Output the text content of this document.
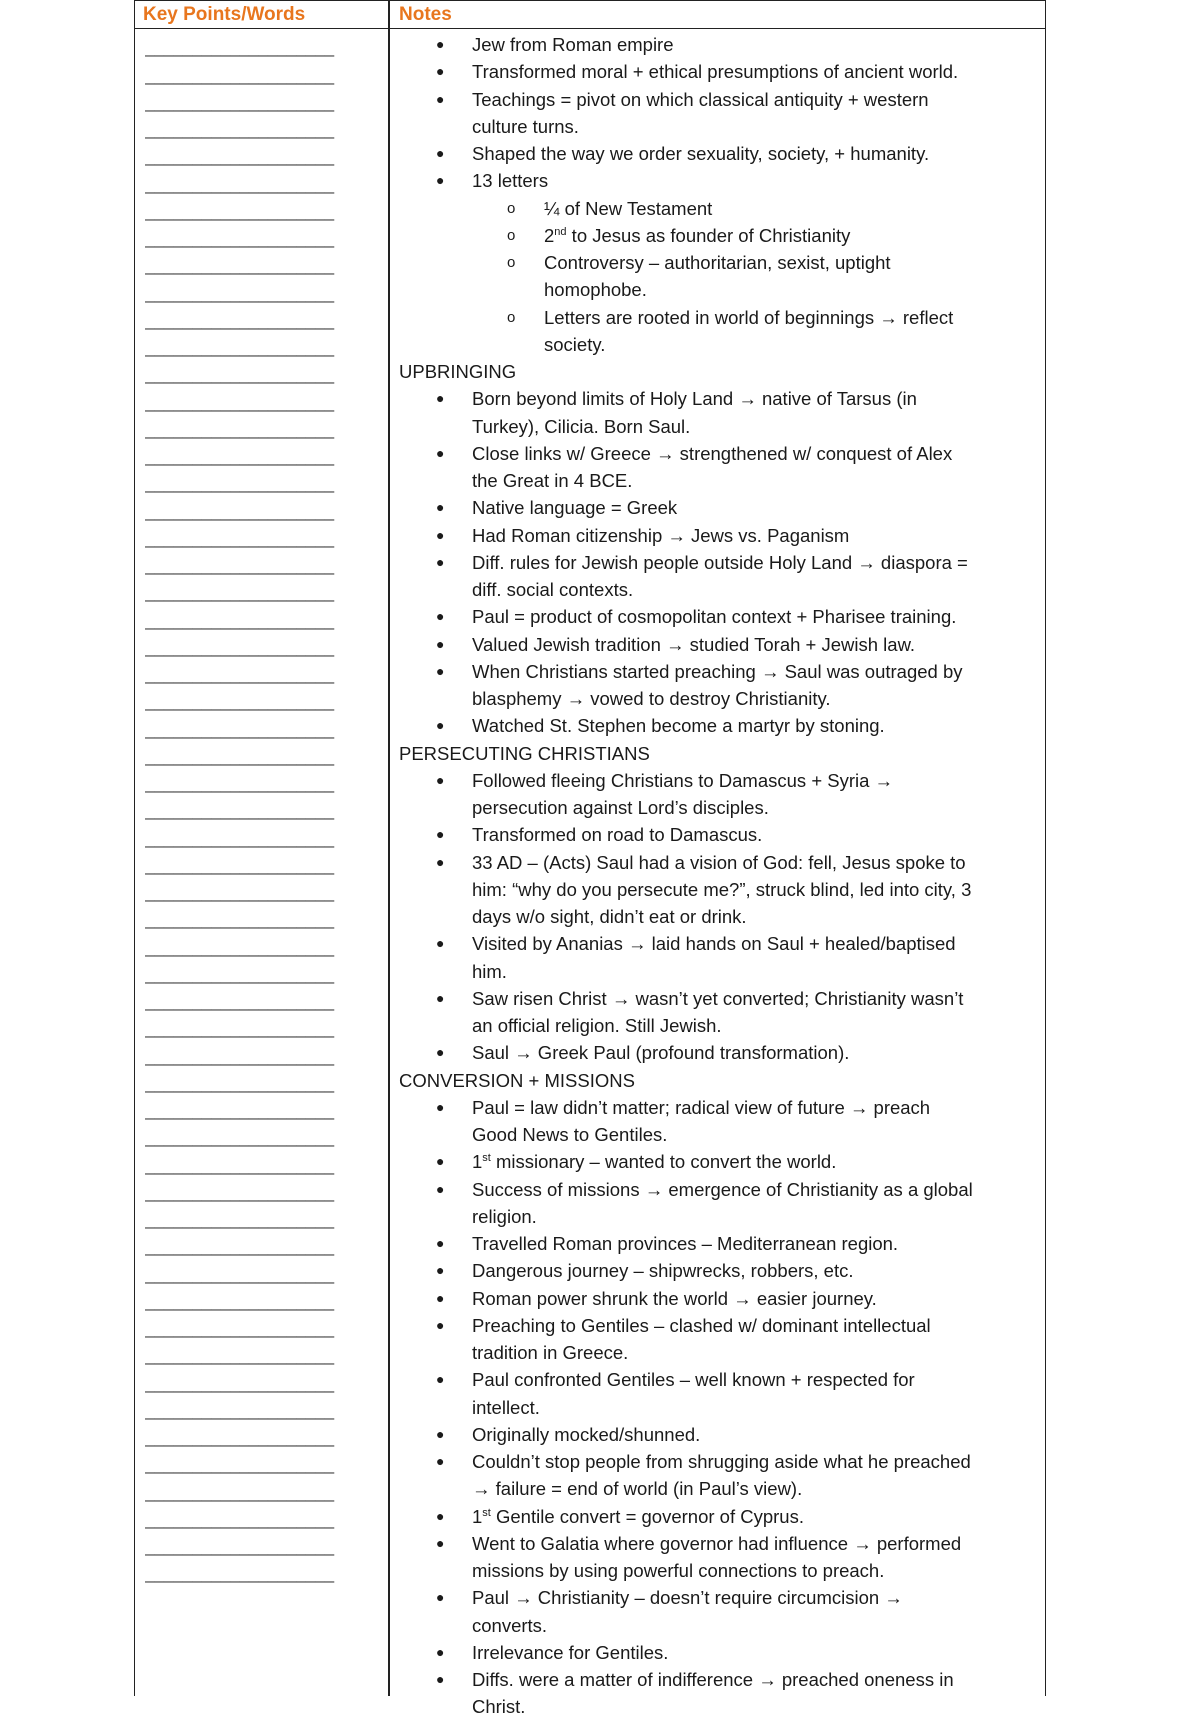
Key Points/Words	Notes
____________________
____________________
____________________
____________________
____________________
____________________
____________________
____________________
____________________
____________________
____________________
____________________
____________________
____________________
____________________
____________________
____________________
____________________
____________________
____________________
____________________
____________________
____________________
____________________
____________________
____________________
____________________
____________________
____________________
____________________
____________________
____________________
____________________
____________________
____________________
____________________
____________________
____________________
____________________
____________________
____________________
____________________
____________________
____________________
____________________
____________________
____________________
____________________
____________________
____________________
____________________
____________________
____________________
____________________
____________________
____________________
____________________
● Jew from Roman empire
● Transformed moral + ethical presumptions of ancient world.
● Teachings = pivot on which classical antiquity + western
culture turns.
● Shaped the way we order sexuality, society, + humanity.
● 13 letters
o ¼ of New Testament
o 2nd to Jesus as founder of Christianity
o Controversy – authoritarian, sexist, uptight
homophobe.
o Letters are rooted in world of beginnings → reflect
society.
UPBRINGING
● Born beyond limits of Holy Land → native of Tarsus (in
Turkey), Cilicia. Born Saul.
● Close links w/ Greece → strengthened w/ conquest of Alex
the Great in 4 BCE.
● Native language = Greek
● Had Roman citizenship → Jews vs. Paganism
● Diff. rules for Jewish people outside Holy Land → diaspora =
diff. social contexts.
● Paul = product of cosmopolitan context + Pharisee training.
● Valued Jewish tradition → studied Torah + Jewish law.
● When Christians started preaching → Saul was outraged by
blasphemy → vowed to destroy Christianity.
● Watched St. Stephen become a martyr by stoning.
PERSECUTING CHRISTIANS
● Followed fleeing Christians to Damascus + Syria →
persecution against Lord’s disciples.
● Transformed on road to Damascus.
● 33 AD – (Acts) Saul had a vision of God: fell, Jesus spoke to
him: “why do you persecute me?”, struck blind, led into city, 3
days w/o sight, didn’t eat or drink.
● Visited by Ananias → laid hands on Saul + healed/baptised
him.
● Saw risen Christ → wasn’t yet converted; Christianity wasn’t
an official religion. Still Jewish.
● Saul → Greek Paul (profound transformation).
CONVERSION + MISSIONS
● Paul = law didn’t matter; radical view of future → preach
Good News to Gentiles.
● 1st missionary – wanted to convert the world.
● Success of missions → emergence of Christianity as a global
religion.
● Travelled Roman provinces – Mediterranean region.
● Dangerous journey – shipwrecks, robbers, etc.
● Roman power shrunk the world → easier journey.
● Preaching to Gentiles – clashed w/ dominant intellectual
tradition in Greece.
● Paul confronted Gentiles – well known + respected for
intellect.
● Originally mocked/shunned.
● Couldn’t stop people from shrugging aside what he preached
→ failure = end of world (in Paul’s view).
● 1st Gentile convert = governor of Cyprus.
● Went to Galatia where governor had influence → performed
missions by using powerful connections to preach.
● Paul → Christianity – doesn’t require circumcision →
converts.
● Irrelevance for Gentiles.
● Diffs. were a matter of indifference → preached oneness in
Christ.
